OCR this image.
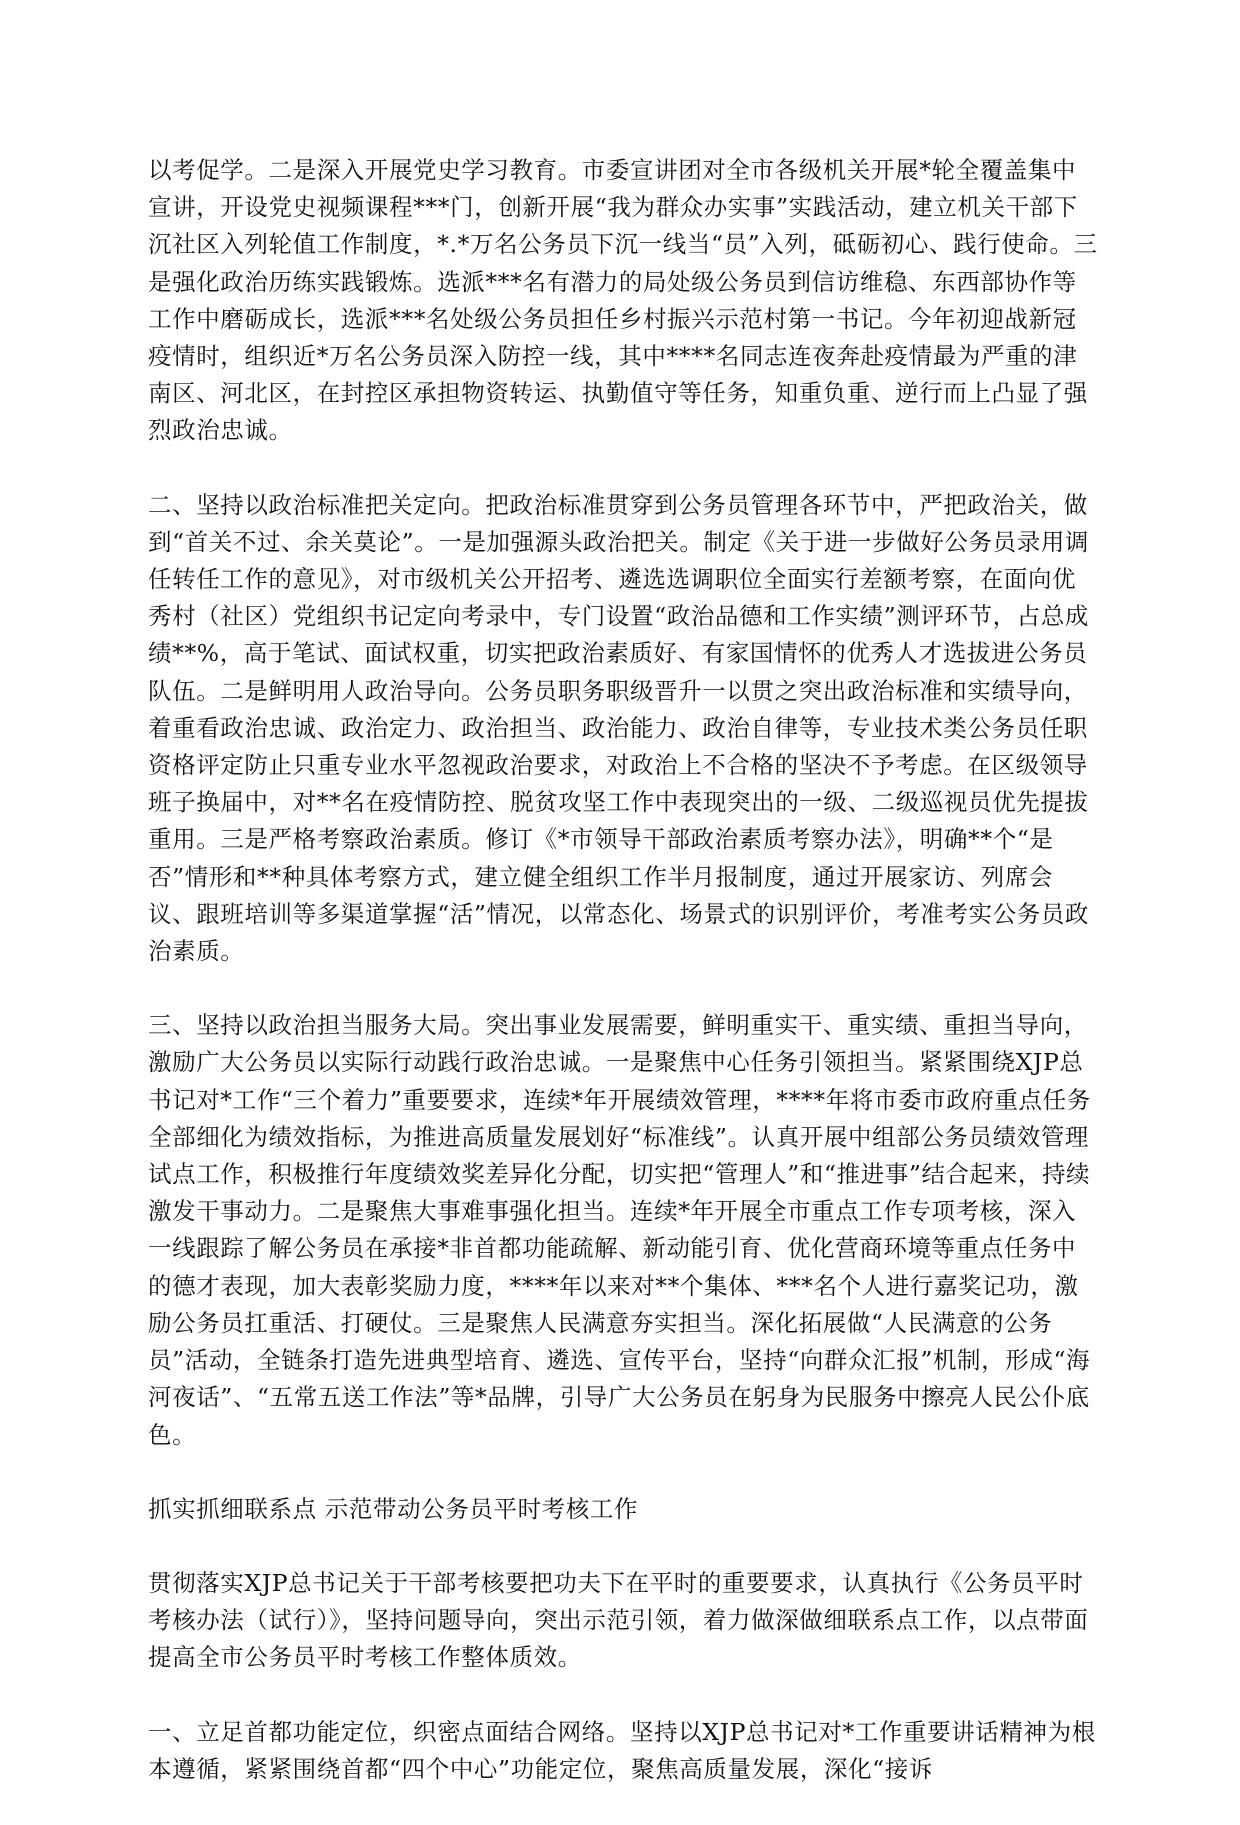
以考促学。二是深入开展党史学习教育。市委宣讲团对全市各级机关开展*轮全覆盖集中宣讲，开设党史视频课程***门，创新开展“我为群众办实事”实践活动，建立机关干部下沉社区入列轮值工作制度，*.*万名公务员下沉一线当“员”入列，砥砺初心、践行使命。三是强化政治历练实践锻炼。选派***名有潜力的局处级公务员到信访维稳、东西部协作等工作中磨砺成长，选派***名处级公务员担任乡村振兴示范村第一书记。今年初迎战新冠疫情时，组织近*万名公务员深入防控一线，其中****名同志连夜奔赴疫情最为严重的津南区、河北区，在封控区承担物资转运、执勤值守等任务，知重负重、逆行而上凸显了强烈政治忠诚。

二、坚持以政治标准把关定向。把政治标准贯穿到公务员管理各环节中，严把政治关，做到“首关不过、余关莫论”。一是加强源头政治把关。制定《关于进一步做好公务员录用调任转任工作的意见》，对市级机关公开招考、遴选选调职位全面实行差额考察，在面向优秀村（社区）党组织书记定向考录中，专门设置“政治品德和工作实绩”测评环节，占总成绩**%，高于笔试、面试权重，切实把政治素质好、有家国情怀的优秀人才选拔进公务员队伍。二是鲜明用人政治导向。公务员职务职级晋升一以贯之突出政治标准和实绩导向，着重看政治忠诚、政治定力、政治担当、政治能力、政治自律等，专业技术类公务员任职资格评定防止只重专业水平忽视政治要求，对政治上不合格的坚决不予考虑。在区级领导班子换届中，对**名在疫情防控、脱贫攻坚工作中表现突出的一级、二级巡视员优先提拔重用。三是严格考察政治素质。修订《*市领导干部政治素质考察办法》，明确**个“是否”情形和**种具体考察方式，建立健全组织工作半月报制度，通过开展家访、列席会议、跟班培训等多渠道掌握“活”情况，以常态化、场景式的识别评价，考准考实公务员政治素质。

三、坚持以政治担当服务大局。突出事业发展需要，鲜明重实干、重实绩、重担当导向，激励广大公务员以实际行动践行政治忠诚。一是聚焦中心任务引领担当。紧紧围绕XJP总书记对*工作“三个着力”重要要求，连续*年开展绩效管理，****年将市委市政府重点任务全部细化为绩效指标，为推进高质量发展划好“标准线”。认真开展中组部公务员绩效管理试点工作，积极推行年度绩效奖差异化分配，切实把“管理人”和“推进事”结合起来，持续激发干事动力。二是聚焦大事难事强化担当。连续*年开展全市重点工作专项考核，深入一线跟踪了解公务员在承接*非首都功能疏解、新动能引育、优化营商环境等重点任务中的德才表现，加大表彰奖励力度，****年以来对**个集体、***名个人进行嘉奖记功，激励公务员扛重活、打硬仗。三是聚焦人民满意夯实担当。深化拓展做“人民满意的公务员”活动，全链条打造先进典型培育、遴选、宣传平台，坚持“向群众汇报”机制，形成“海河夜话”、“五常五送工作法”等*品牌，引导广大公务员在躬身为民服务中擦亮人民公仆底色。

抓实抓细联系点 示范带动公务员平时考核工作

贯彻落实XJP总书记关于干部考核要把功夫下在平时的重要要求，认真执行《公务员平时考核办法（试行）》，坚持问题导向，突出示范引领，着力做深做细联系点工作，以点带面提高全市公务员平时考核工作整体质效。

一、立足首都功能定位，织密点面结合网络。坚持以XJP总书记对*工作重要讲话精神为根本遵循，紧紧围绕首都“四个中心”功能定位，聚焦高质量发展，深化“接诉
